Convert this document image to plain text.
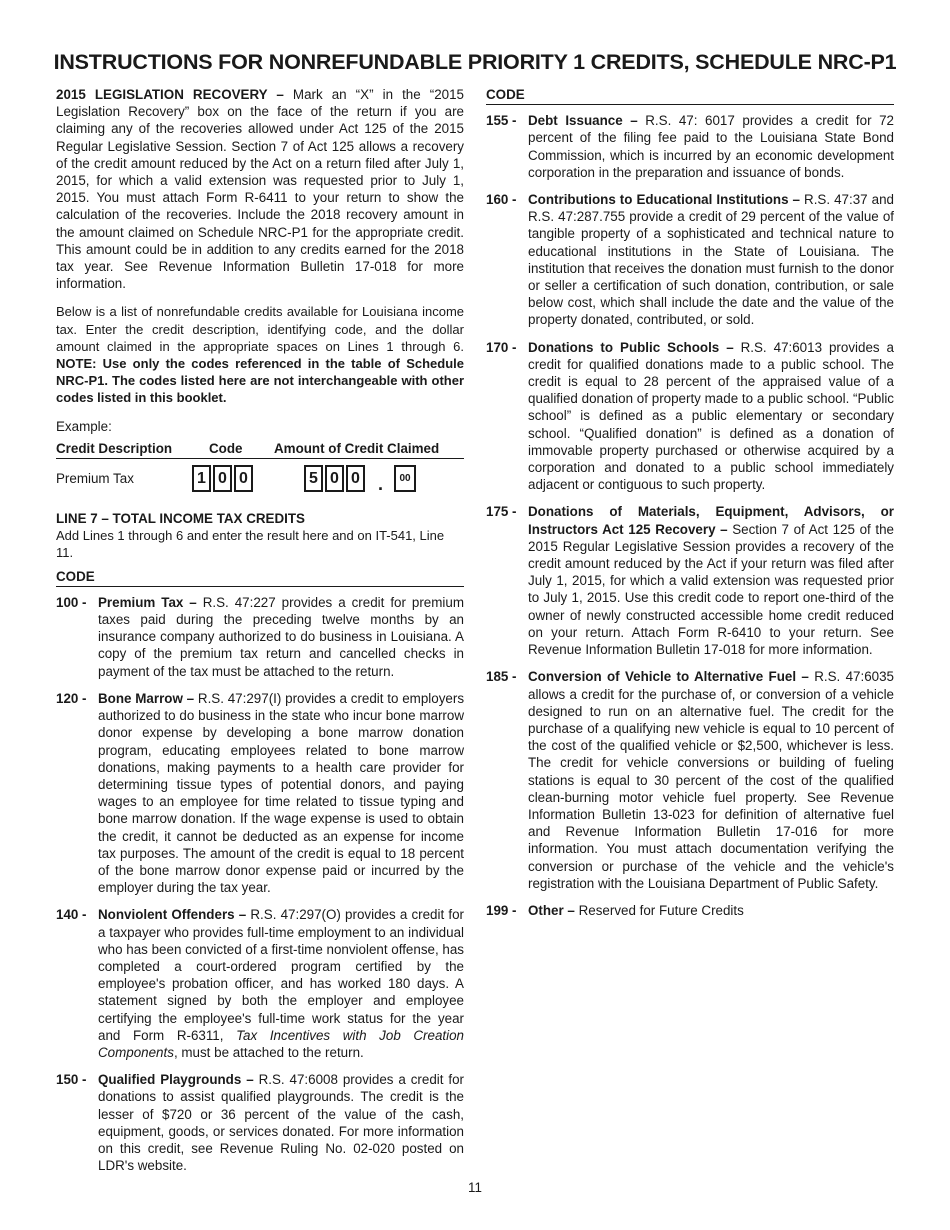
INSTRUCTIONS FOR NONREFUNDABLE PRIORITY 1 CREDITS, SCHEDULE NRC-P1

2015 LEGISLATION RECOVERY – Mark an “X” in the “2015 Legislation Recovery” box on the face of the return if you are claiming any of the recoveries allowed under Act 125 of the 2015 Regular Legislative Session. Section 7 of Act 125 allows a recovery of the credit amount reduced by the Act on a return filed after July 1, 2015, for which a valid extension was requested prior to July 1, 2015. You must attach Form R-6411 to your return to show the calculation of the recoveries. Include the 2018 recovery amount in the amount claimed on Schedule NRC-P1 for the appropriate credit. This amount could be in addition to any credits earned for the 2018 tax year. See Revenue Information Bulletin 17-018 for more information.

Below is a list of nonrefundable credits available for Louisiana income tax. Enter the credit description, identifying code, and the dollar amount claimed in the appropriate spaces on Lines 1 through 6. NOTE: Use only the codes referenced in the table of Schedule NRC-P1. The codes listed here are not interchangeable with other codes listed in this booklet.

Example:
Credit Description	Code	Amount of Credit Claimed
Premium Tax	1 0 0	5 0 0 .	00
LINE 7 – TOTAL INCOME TAX CREDITS
Add Lines 1 through 6 and enter the result here and on IT-541, Line 11.
CODE
100 - Premium Tax – R.S. 47:227 provides a credit for premium taxes paid during the preceding twelve months by an insurance company authorized to do business in Louisiana. A copy of the premium tax return and cancelled checks in payment of the tax must be attached to the return.
120 - Bone Marrow – R.S. 47:297(I) provides a credit to employers authorized to do business in the state who incur bone marrow donor expense by developing a bone marrow donation program, educating employees related to bone marrow donations, making payments to a health care provider for determining tissue types of potential donors, and paying wages to an employee for time related to tissue typing and bone marrow donation. If the wage expense is used to obtain the credit, it cannot be deducted as an expense for income tax purposes. The amount of the credit is equal to 18 percent of the bone marrow donor expense paid or incurred by the employer during the tax year.
140 - Nonviolent Offenders – R.S. 47:297(O) provides a credit for a taxpayer who provides full-time employment to an individual who has been convicted of a first-time nonviolent offense, has completed a court-ordered program certified by the employee's probation officer, and has worked 180 days. A statement signed by both the employer and employee certifying the employee's full-time work status for the year and Form R-6311, Tax Incentives with Job Creation Components, must be attached to the return.
150 - Qualified Playgrounds – R.S. 47:6008 provides a credit for donations to assist qualified playgrounds. The credit is the lesser of $720 or 36 percent of the value of the cash, equipment, goods, or services donated. For more information on this credit, see Revenue Ruling No. 02-020 posted on LDR's website.
CODE
155 - Debt Issuance – R.S. 47: 6017 provides a credit for 72 percent of the filing fee paid to the Louisiana State Bond Commission, which is incurred by an economic development corporation in the preparation and issuance of bonds.
160 - Contributions to Educational Institutions – R.S. 47:37 and R.S. 47:287.755 provide a credit of 29 percent of the value of tangible property of a sophisticated and technical nature to educational institutions in the State of Louisiana. The institution that receives the donation must furnish to the donor or seller a certification of such donation, contribution, or sale below cost, which shall include the date and the value of the property donated, contributed, or sold.
170 - Donations to Public Schools – R.S. 47:6013 provides a credit for qualified donations made to a public school. The credit is equal to 28 percent of the appraised value of a qualified donation of property made to a public school. “Public school” is defined as a public elementary or secondary school. “Qualified donation” is defined as a donation of immovable property purchased or otherwise acquired by a corporation and donated to a public school immediately adjacent or contiguous to such property.
175 - Donations of Materials, Equipment, Advisors, or Instructors Act 125 Recovery – Section 7 of Act 125 of the 2015 Regular Legislative Session provides a recovery of the credit amount reduced by the Act if your return was filed after July 1, 2015, for which a valid extension was requested prior to July 1, 2015. Use this credit code to report one-third of the owner of newly constructed accessible home credit reduced on your return. Attach Form R-6410 to your return. See Revenue Information Bulletin 17-018 for more information.
185 - Conversion of Vehicle to Alternative Fuel – R.S. 47:6035 allows a credit for the purchase of, or conversion of a vehicle designed to run on an alternative fuel. The credit for the purchase of a qualifying new vehicle is equal to 10 percent of the cost of the qualified vehicle or $2,500, whichever is less. The credit for vehicle conversions or building of fueling stations is equal to 30 percent of the cost of the qualified clean-burning motor vehicle fuel property. See Revenue Information Bulletin 13-023 for definition of alternative fuel and Revenue Information Bulletin 17-016 for more information. You must attach documentation verifying the conversion or purchase of the vehicle and the vehicle's registration with the Louisiana Department of Public Safety.
199 - Other – Reserved for Future Credits
11
